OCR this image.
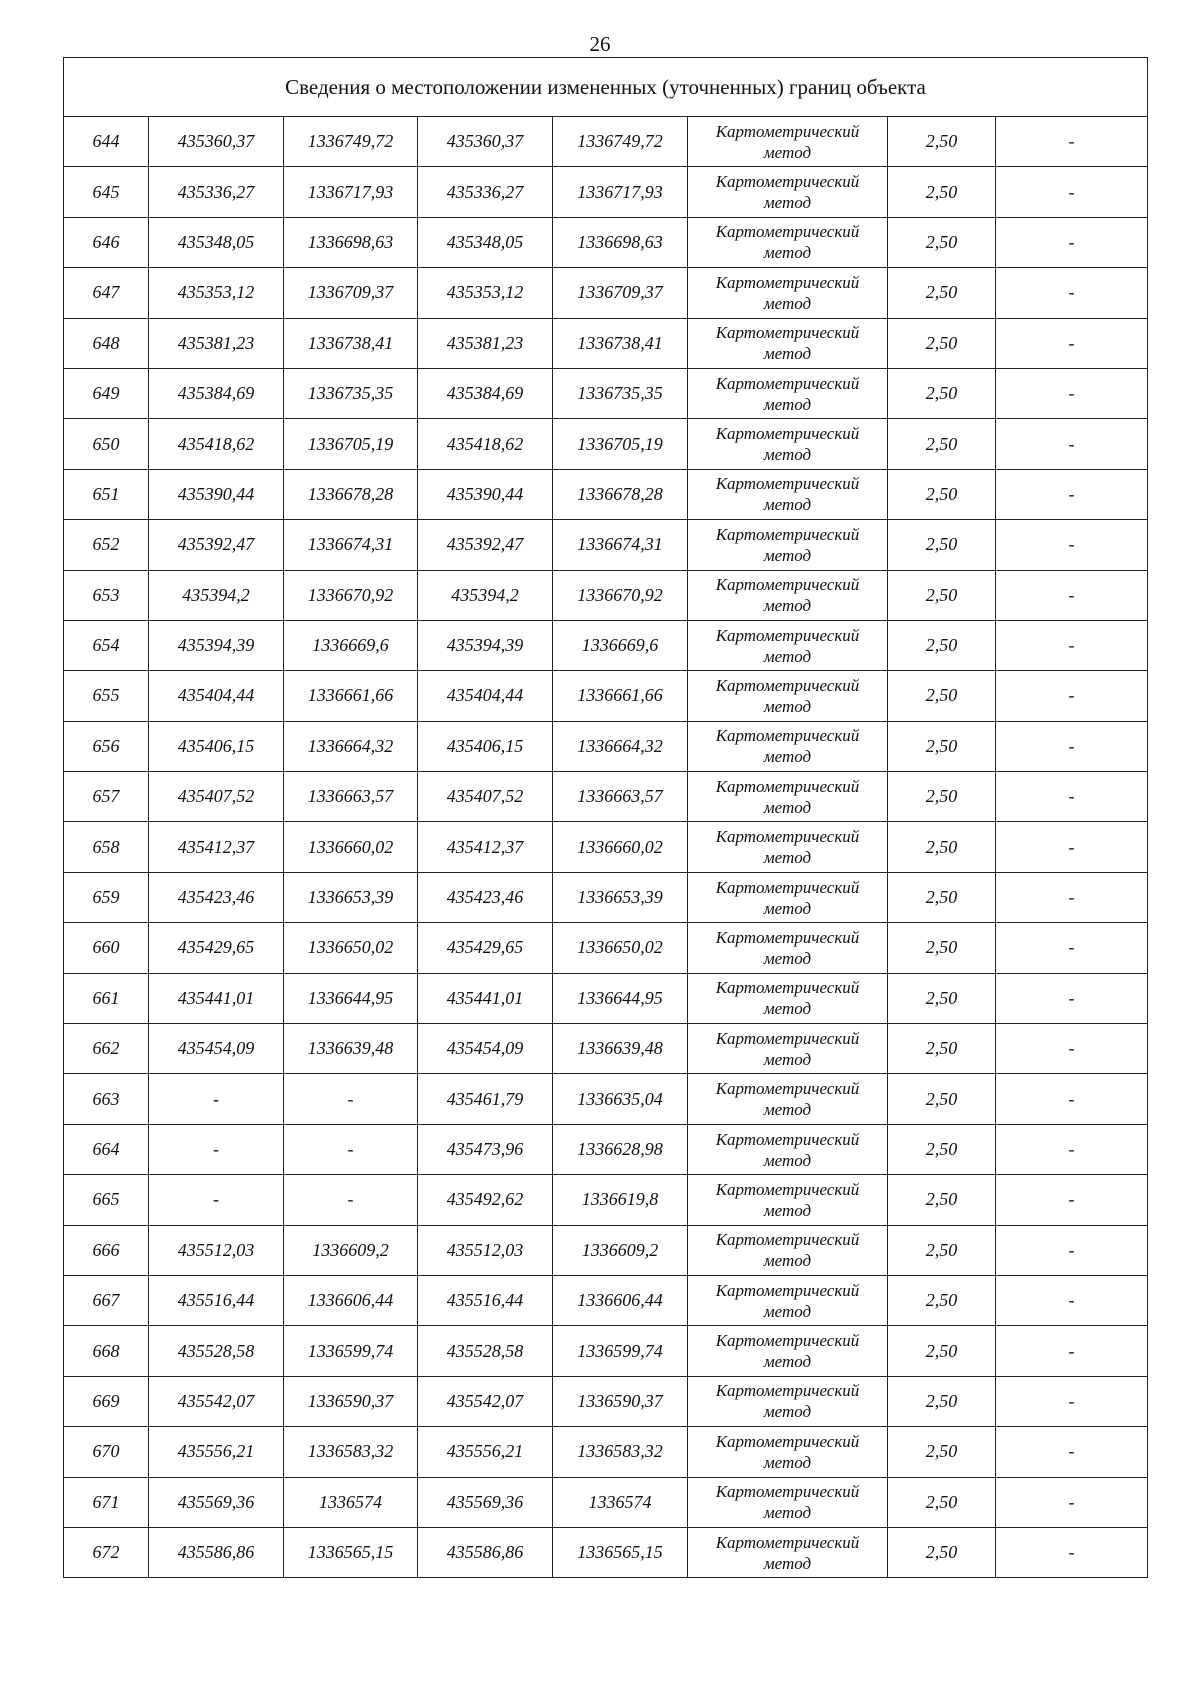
26
Сведения о местоположении измененных (уточненных) границ объекта							
644	435360,37	1336749,72	435360,37	1336749,72	Картометрический
метод	2,50	-
645	435336,27	1336717,93	435336,27	1336717,93	Картометрический
метод	2,50	-
646	435348,05	1336698,63	435348,05	1336698,63	Картометрический
метод	2,50	-
647	435353,12	1336709,37	435353,12	1336709,37	Картометрический
метод	2,50	-
648	435381,23	1336738,41	435381,23	1336738,41	Картометрический
метод	2,50	-
649	435384,69	1336735,35	435384,69	1336735,35	Картометрический
метод	2,50	-
650	435418,62	1336705,19	435418,62	1336705,19	Картометрический
метод	2,50	-
651	435390,44	1336678,28	435390,44	1336678,28	Картометрический
метод	2,50	-
652	435392,47	1336674,31	435392,47	1336674,31	Картометрический
метод	2,50	-
653	435394,2	1336670,92	435394,2	1336670,92	Картометрический
метод	2,50	-
654	435394,39	1336669,6	435394,39	1336669,6	Картометрический
метод	2,50	-
655	435404,44	1336661,66	435404,44	1336661,66	Картометрический
метод	2,50	-
656	435406,15	1336664,32	435406,15	1336664,32	Картометрический
метод	2,50	-
657	435407,52	1336663,57	435407,52	1336663,57	Картометрический
метод	2,50	-
658	435412,37	1336660,02	435412,37	1336660,02	Картометрический
метод	2,50	-
659	435423,46	1336653,39	435423,46	1336653,39	Картометрический
метод	2,50	-
660	435429,65	1336650,02	435429,65	1336650,02	Картометрический
метод	2,50	-
661	435441,01	1336644,95	435441,01	1336644,95	Картометрический
метод	2,50	-
662	435454,09	1336639,48	435454,09	1336639,48	Картометрический
метод	2,50	-
663	-	-	435461,79	1336635,04	Картометрический
метод	2,50	-
664	-	-	435473,96	1336628,98	Картометрический
метод	2,50	-
665	-	-	435492,62	1336619,8	Картометрический
метод	2,50	-
666	435512,03	1336609,2	435512,03	1336609,2	Картометрический
метод	2,50	-
667	435516,44	1336606,44	435516,44	1336606,44	Картометрический
метод	2,50	-
668	435528,58	1336599,74	435528,58	1336599,74	Картометрический
метод	2,50	-
669	435542,07	1336590,37	435542,07	1336590,37	Картометрический
метод	2,50	-
670	435556,21	1336583,32	435556,21	1336583,32	Картометрический
метод	2,50	-
671	435569,36	1336574	435569,36	1336574	Картометрический
метод	2,50	-
672	435586,86	1336565,15	435586,86	1336565,15	Картометрический
метод	2,50	-
